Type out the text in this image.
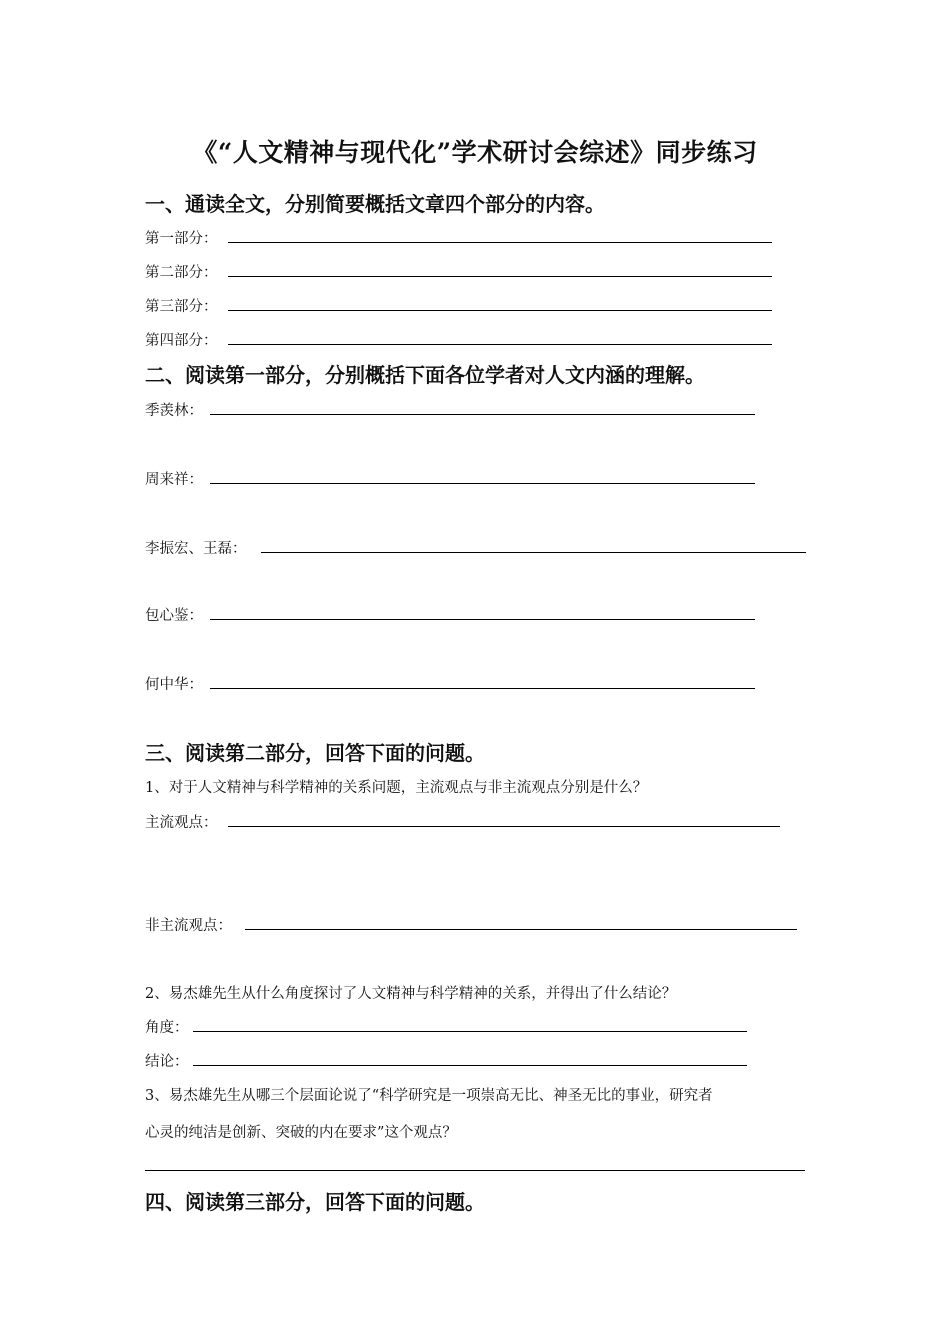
《“人文精神与现代化”学术研讨会综述》同步练习
一、通读全文，分别简要概括文章四个部分的内容。
第一部分：
第二部分：
第三部分：
第四部分：
二、阅读第一部分，分别概括下面各位学者对人文内涵的理解。
季羡林：
周来祥：
李振宏、王磊：
包心鉴：
何中华：
三、阅读第二部分，回答下面的问题。
1、对于人文精神与科学精神的关系问题，主流观点与非主流观点分别是什么？
主流观点：
非主流观点：
2、易杰雄先生从什么角度探讨了人文精神与科学精神的关系，并得出了什么结论？
角度：
结论：
3、易杰雄先生从哪三个层面论说了“科学研究是一项崇高无比、神圣无比的事业，研究者
心灵的纯洁是创新、突破的内在要求”这个观点？
四、阅读第三部分，回答下面的问题。
